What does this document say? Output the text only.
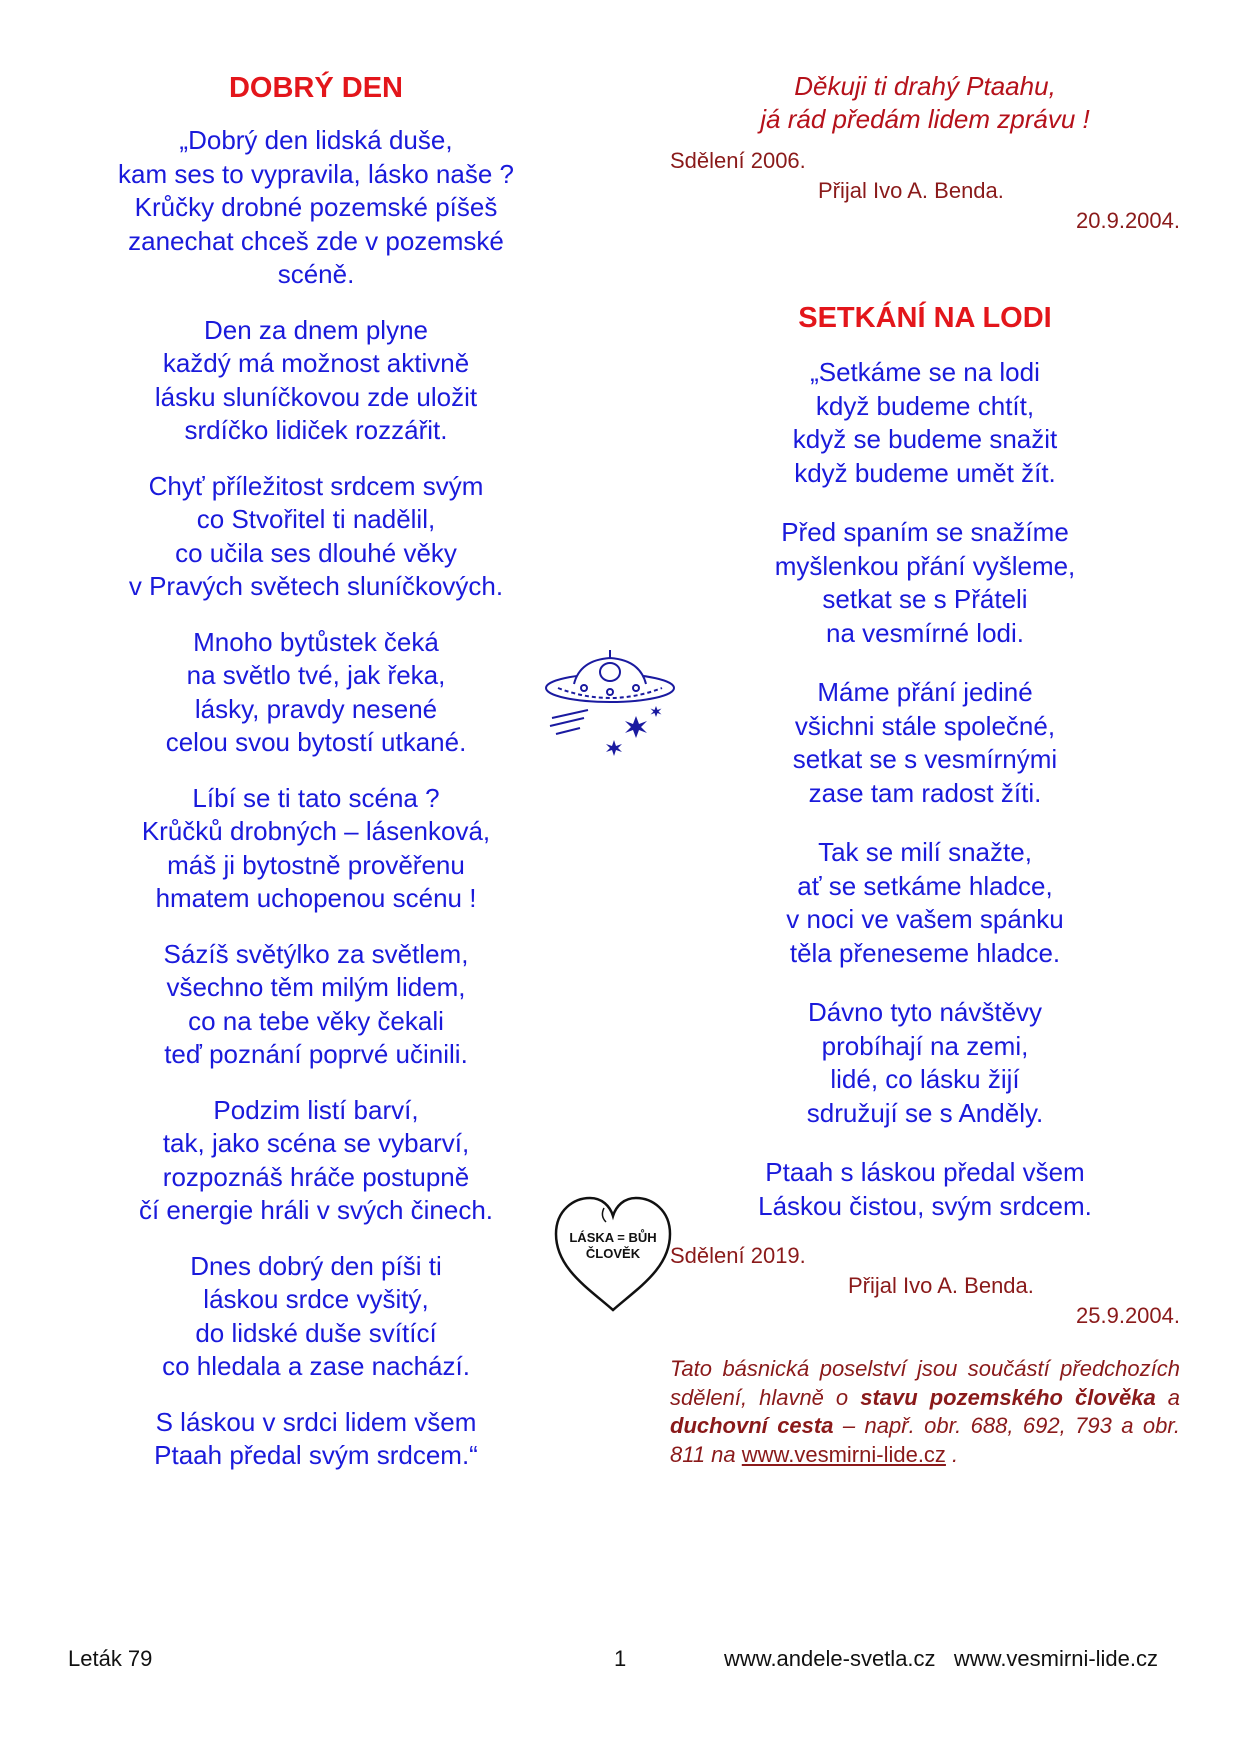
DOBRÝ DEN

„Dobrý den lidská duše,
kam ses to vypravila, lásko naše ?
Krůčky drobné pozemské píšeš
zanechat chceš zde v pozemské
scéně.

Den za dnem plyne
každý má možnost aktivně
lásku sluníčkovou zde uložit
srdíčko lidiček rozzářit.

Chyť příležitost srdcem svým
co Stvořitel ti nadělil,
co učila ses dlouhé věky
v Pravých světech sluníčkových.

Mnoho bytůstek čeká
na světlo tvé, jak řeka,
lásky, pravdy nesené
celou svou bytostí utkané.

Líbí se ti tato scéna ?
Krůčků drobných – lásenková,
máš ji bytostně prověřenu
hmatem uchopenou scénu !

Sázíš světýlko za světlem,
všechno těm milým lidem,
co na tebe věky čekali
teď poznání poprvé učinili.

Podzim listí barví,
tak, jako scéna se vybarví,
rozpoznáš hráče postupně
čí energie hráli v svých činech.

Dnes dobrý den píši ti
láskou srdce vyšitý,
do lidské duše svítící
co hledala a zase nachází.

S láskou v srdci lidem všem
Ptaah předal svým srdcem.“

Děkuji ti drahý Ptaahu,
já rád předám lidem zprávu !
Sdělení 2006.
Přijal Ivo A. Benda.
20.9.2004.
SETKÁNÍ NA LODI

„Setkáme se na lodi
když budeme chtít,
když se budeme snažit
když budeme umět žít.

Před spaním se snažíme
myšlenkou přání vyšleme,
setkat se s Přáteli
na vesmírné lodi.

Máme přání jediné
všichni stále společné,
setkat se s vesmírnými
zase tam radost žíti.

Tak se milí snažte,
ať se setkáme hladce,
v noci ve vašem spánku
těla přeneseme hladce.

Dávno tyto návštěvy
probíhají na zemi,
lidé, co lásku žijí
sdružují se s Anděly.

Ptaah s láskou předal všem
Láskou čistou, svým srdcem.

Sdělení 2019.
Přijal Ivo A. Benda.
25.9.2004.

Tato básnická poselství jsou součástí předchozích sdělení, hlavně o stavu pozemského člověka a duchovní cesta – např. obr. 688, 692, 793 a obr. 811 na www.vesmirni-lide.cz .

LÁSKA = BŮH
ČLOVĚK
Leták 79	1	www.andele-svetla.cz   www.vesmirni-lide.cz
